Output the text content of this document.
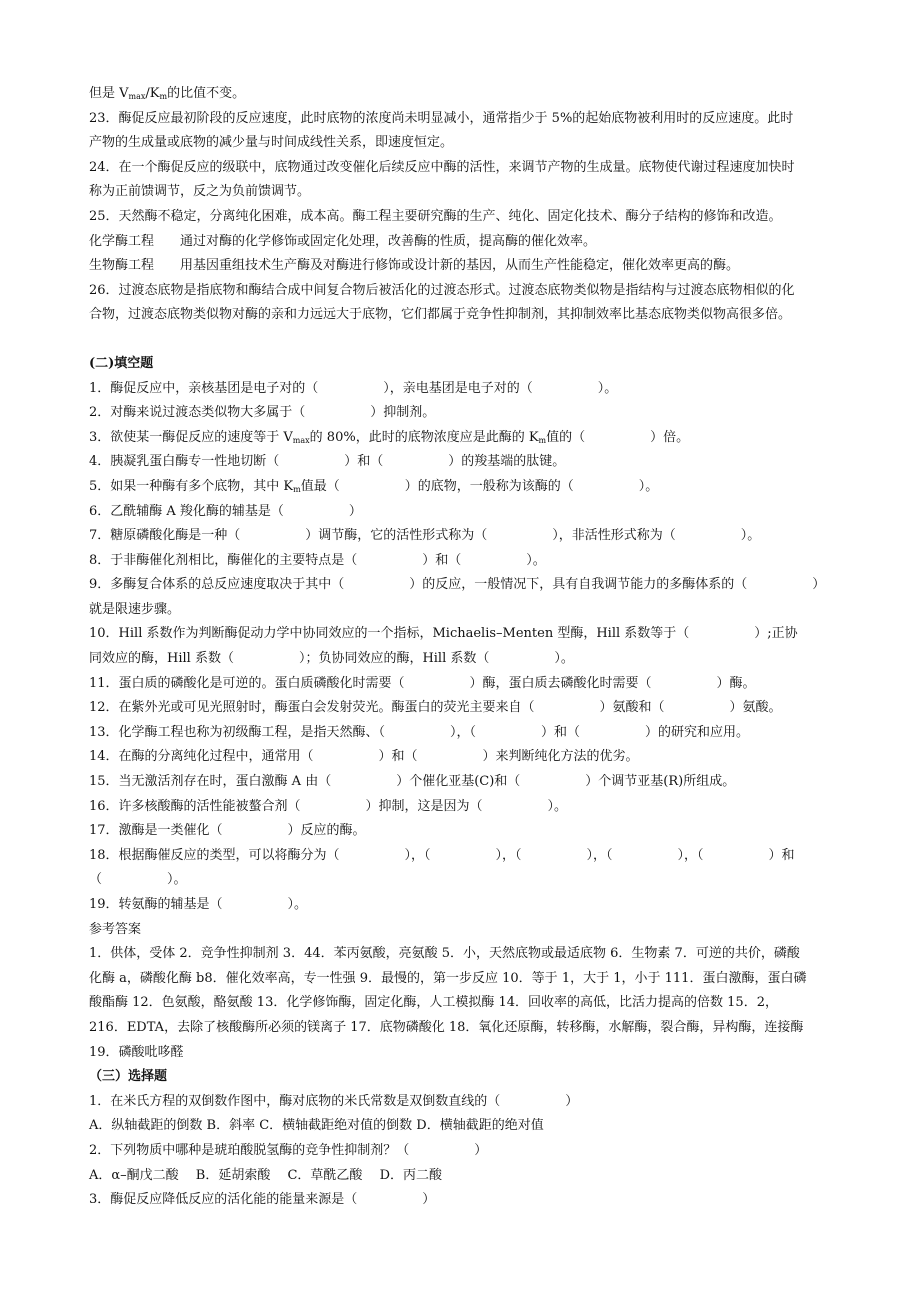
但是 $V_{max}/K_m$的比值不变。
23．酶促反应最初阶段的反应速度，此时底物的浓度尚未明显减小，通常指少于 5%的起始底物被利用时的反应速度。此时
产物的生成量或底物的减少量与时间成线性关系，即速度恒定。
24．在一个酶促反应的级联中，底物通过改变催化后续反应中酶的活性，来调节产物的生成量。底物使代谢过程速度加快时
称为正前馈调节，反之为负前馈调节。
25．天然酶不稳定，分离纯化困难，成本高。酶工程主要研究酶的生产、纯化、固定化技术、酶分子结构的修饰和改造。
化学酶工程　　通过对酶的化学修饰或固定化处理，改善酶的性质，提高酶的催化效率。
生物酶工程　　用基因重组技术生产酶及对酶进行修饰或设计新的基因，从而生产性能稳定，催化效率更高的酶。
26．过渡态底物是指底物和酶结合成中间复合物后被活化的过渡态形式。过渡态底物类似物是指结构与过渡态底物相似的化
合物，过渡态底物类似物对酶的亲和力远远大于底物，它们都属于竞争性抑制剂，其抑制效率比基态底物类似物高很多倍。
(二)填空题
1．酶促反应中，亲核基团是电子对的（　　　　　），亲电基团是电子对的（　　　　　）。
2．对酶来说过渡态类似物大多属于（　　　　　）抑制剂。
3．欲使某一酶促反应的速度等于 $V_{max}$的 80%，此时的底物浓度应是此酶的 $K_m$值的（　　　　　）倍。
4．胰凝乳蛋白酶专一性地切断（　　　　　）和（　　　　　）的羧基端的肽键。
5．如果一种酶有多个底物，其中 $K_m$值最（　　　　　）的底物，一般称为该酶的（　　　　　）。
6．乙酰辅酶 A 羧化酶的辅基是（　　　　　）
7．糖原磷酸化酶是一种（　　　　　）调节酶，它的活性形式称为（　　　　　），非活性形式称为（　　　　　）。
8．于非酶催化剂相比，酶催化的主要特点是（　　　　　）和（　　　　　）。
9．多酶复合体系的总反应速度取决于其中（　　　　　）的反应，一般情况下，具有自我调节能力的多酶体系的（　　　　　）
就是限速步骤。
10．Hill 系数作为判断酶促动力学中协同效应的一个指标，Michaelis–Menten 型酶，Hill 系数等于（　　　　　）;正协
同效应的酶，Hill 系数（　　　　　）；负协同效应的酶，Hill 系数（　　　　　）。
11．蛋白质的磷酸化是可逆的。蛋白质磷酸化时需要（　　　　　）酶，蛋白质去磷酸化时需要（　　　　　）酶。
12．在紫外光或可见光照射时，酶蛋白会发射荧光。酶蛋白的荧光主要来自（　　　　　）氨酸和（　　　　　）氨酸。
13．化学酶工程也称为初级酶工程，是指天然酶、（　　　　　），（　　　　　）和（　　　　　）的研究和应用。
14．在酶的分离纯化过程中，通常用（　　　　　）和（　　　　　）来判断纯化方法的优劣。
15．当无激活剂存在时，蛋白激酶 A 由（　　　　　）个催化亚基(C)和（　　　　　）个调节亚基(R)所组成。
16．许多核酸酶的活性能被螯合剂（　　　　　）抑制，这是因为（　　　　　）。
17．激酶是一类催化（　　　　　）反应的酶。
18．根据酶催反应的类型，可以将酶分为（　　　　　），（　　　　　），（　　　　　），（　　　　　），（　　　　　）和
（　　　　　）。
19．转氨酶的辅基是（　　　　　）。
参考答案
1．供体，受体 2．竞争性抑制剂 3．44．苯丙氨酸，亮氨酸 5．小，天然底物或最适底物 6．生物素 7．可逆的共价，磷酸
化酶 a，磷酸化酶 b8．催化效率高，专一性强 9．最慢的，第一步反应 10．等于 1，大于 1，小于 111．蛋白激酶，蛋白磷
酸酯酶 12．色氨酸，酪氨酸 13．化学修饰酶，固定化酶，人工模拟酶 14．回收率的高低，比活力提高的倍数 15．2，
216．EDTA，去除了核酸酶所必须的镁离子 17．底物磷酸化 18．氧化还原酶，转移酶，水解酶，裂合酶，异构酶，连接酶
19．磷酸吡哆醛
（三）选择题
1．在米氏方程的双倒数作图中，酶对底物的米氏常数是双倒数直线的（　　　　　）
A．纵轴截距的倒数 B．斜率 C．横轴截距绝对值的倒数 D．横轴截距的绝对值
2．下列物质中哪种是琥珀酸脱氢酶的竞争性抑制剂？（　　　　　）
A．α–酮戊二酸　 B．延胡索酸　 C．草酰乙酸　 D．丙二酸
3．酶促反应降低反应的活化能的能量来源是（　　　　　）
